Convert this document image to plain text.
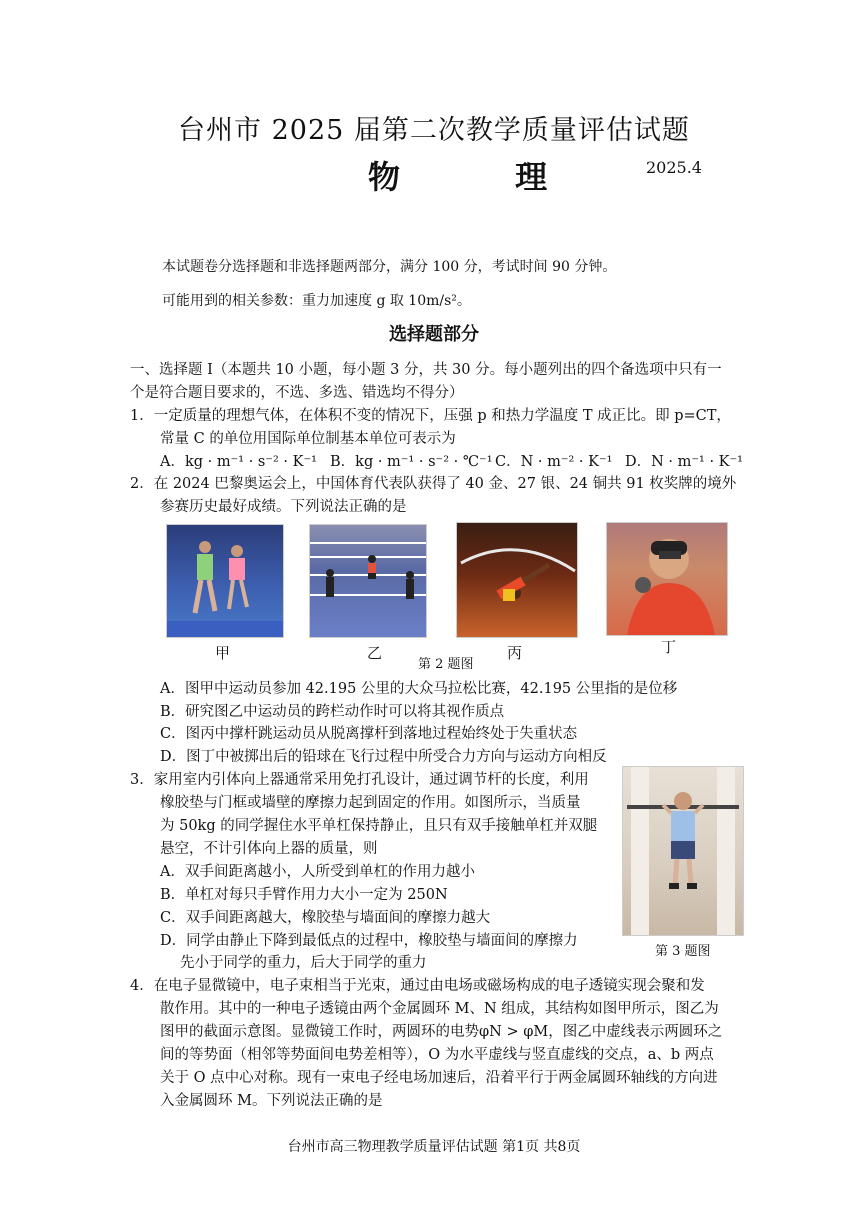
台州市 2025 届第二次教学质量评估试题
物 理	2025.4
本试题卷分选择题和非选择题两部分，满分 100 分，考试时间 90 分钟。
可能用到的相关参数：重力加速度 g 取 10m/s²。
选择题部分
一、选择题 I（本题共 10 小题，每小题 3 分，共 30 分。每小题列出的四个备选项中只有一
个是符合题目要求的，不选、多选、错选均不得分）
1．一定质量的理想气体，在体积不变的情况下，压强 p 和热力学温度 T 成正比。即 p=CT，
常量 C 的单位用国际单位制基本单位可表示为
A．kg · m⁻¹ · s⁻² · K⁻¹ B．kg · m⁻¹ · s⁻² · ℃⁻¹ C．N · m⁻² · K⁻¹ D．N · m⁻¹ · K⁻¹
2．在 2024 巴黎奥运会上，中国体育代表队获得了 40 金、27 银、24 铜共 91 枚奖牌的境外
参赛历史最好成绩。下列说法正确的是
甲	乙
第 2 题图
丙	丁
A．图甲中运动员参加 42.195 公里的大众马拉松比赛，42.195 公里指的是位移
B．研究图乙中运动员的跨栏动作时可以将其视作质点
C．图丙中撑杆跳运动员从脱离撑杆到落地过程始终处于失重状态
D．图丁中被掷出后的铅球在飞行过程中所受合力方向与运动方向相反
3．家用室内引体向上器通常采用免打孔设计，通过调节杆的长度，利用
橡胶垫与门框或墙壁的摩擦力起到固定的作用。如图所示，当质量
为 50kg 的同学握住水平单杠保持静止，且只有双手接触单杠并双腿
悬空，不计引体向上器的质量，则
A．双手间距离越小，人所受到单杠的作用力越小
B．单杠对每只手臂作用力大小一定为 250N
C．双手间距离越大，橡胶垫与墙面间的摩擦力越大
D．同学由静止下降到最低点的过程中，橡胶垫与墙面间的摩擦力
先小于同学的重力，后大于同学的重力
第 3 题图
4．在电子显微镜中，电子束相当于光束，通过由电场或磁场构成的电子透镜实现会聚和发
散作用。其中的一种电子透镜由两个金属圆环 M、N 组成，其结构如图甲所示，图乙为
图甲的截面示意图。显微镜工作时，两圆环的电势φN > φM，图乙中虚线表示两圆环之
间的等势面（相邻等势面间电势差相等），O 为水平虚线与竖直虚线的交点，a、b 两点
关于 O 点中心对称。现有一束电子经电场加速后，沿着平行于两金属圆环轴线的方向进
入金属圆环 M。下列说法正确的是
台州市高三物理教学质量评估试题 第1页 共8页
